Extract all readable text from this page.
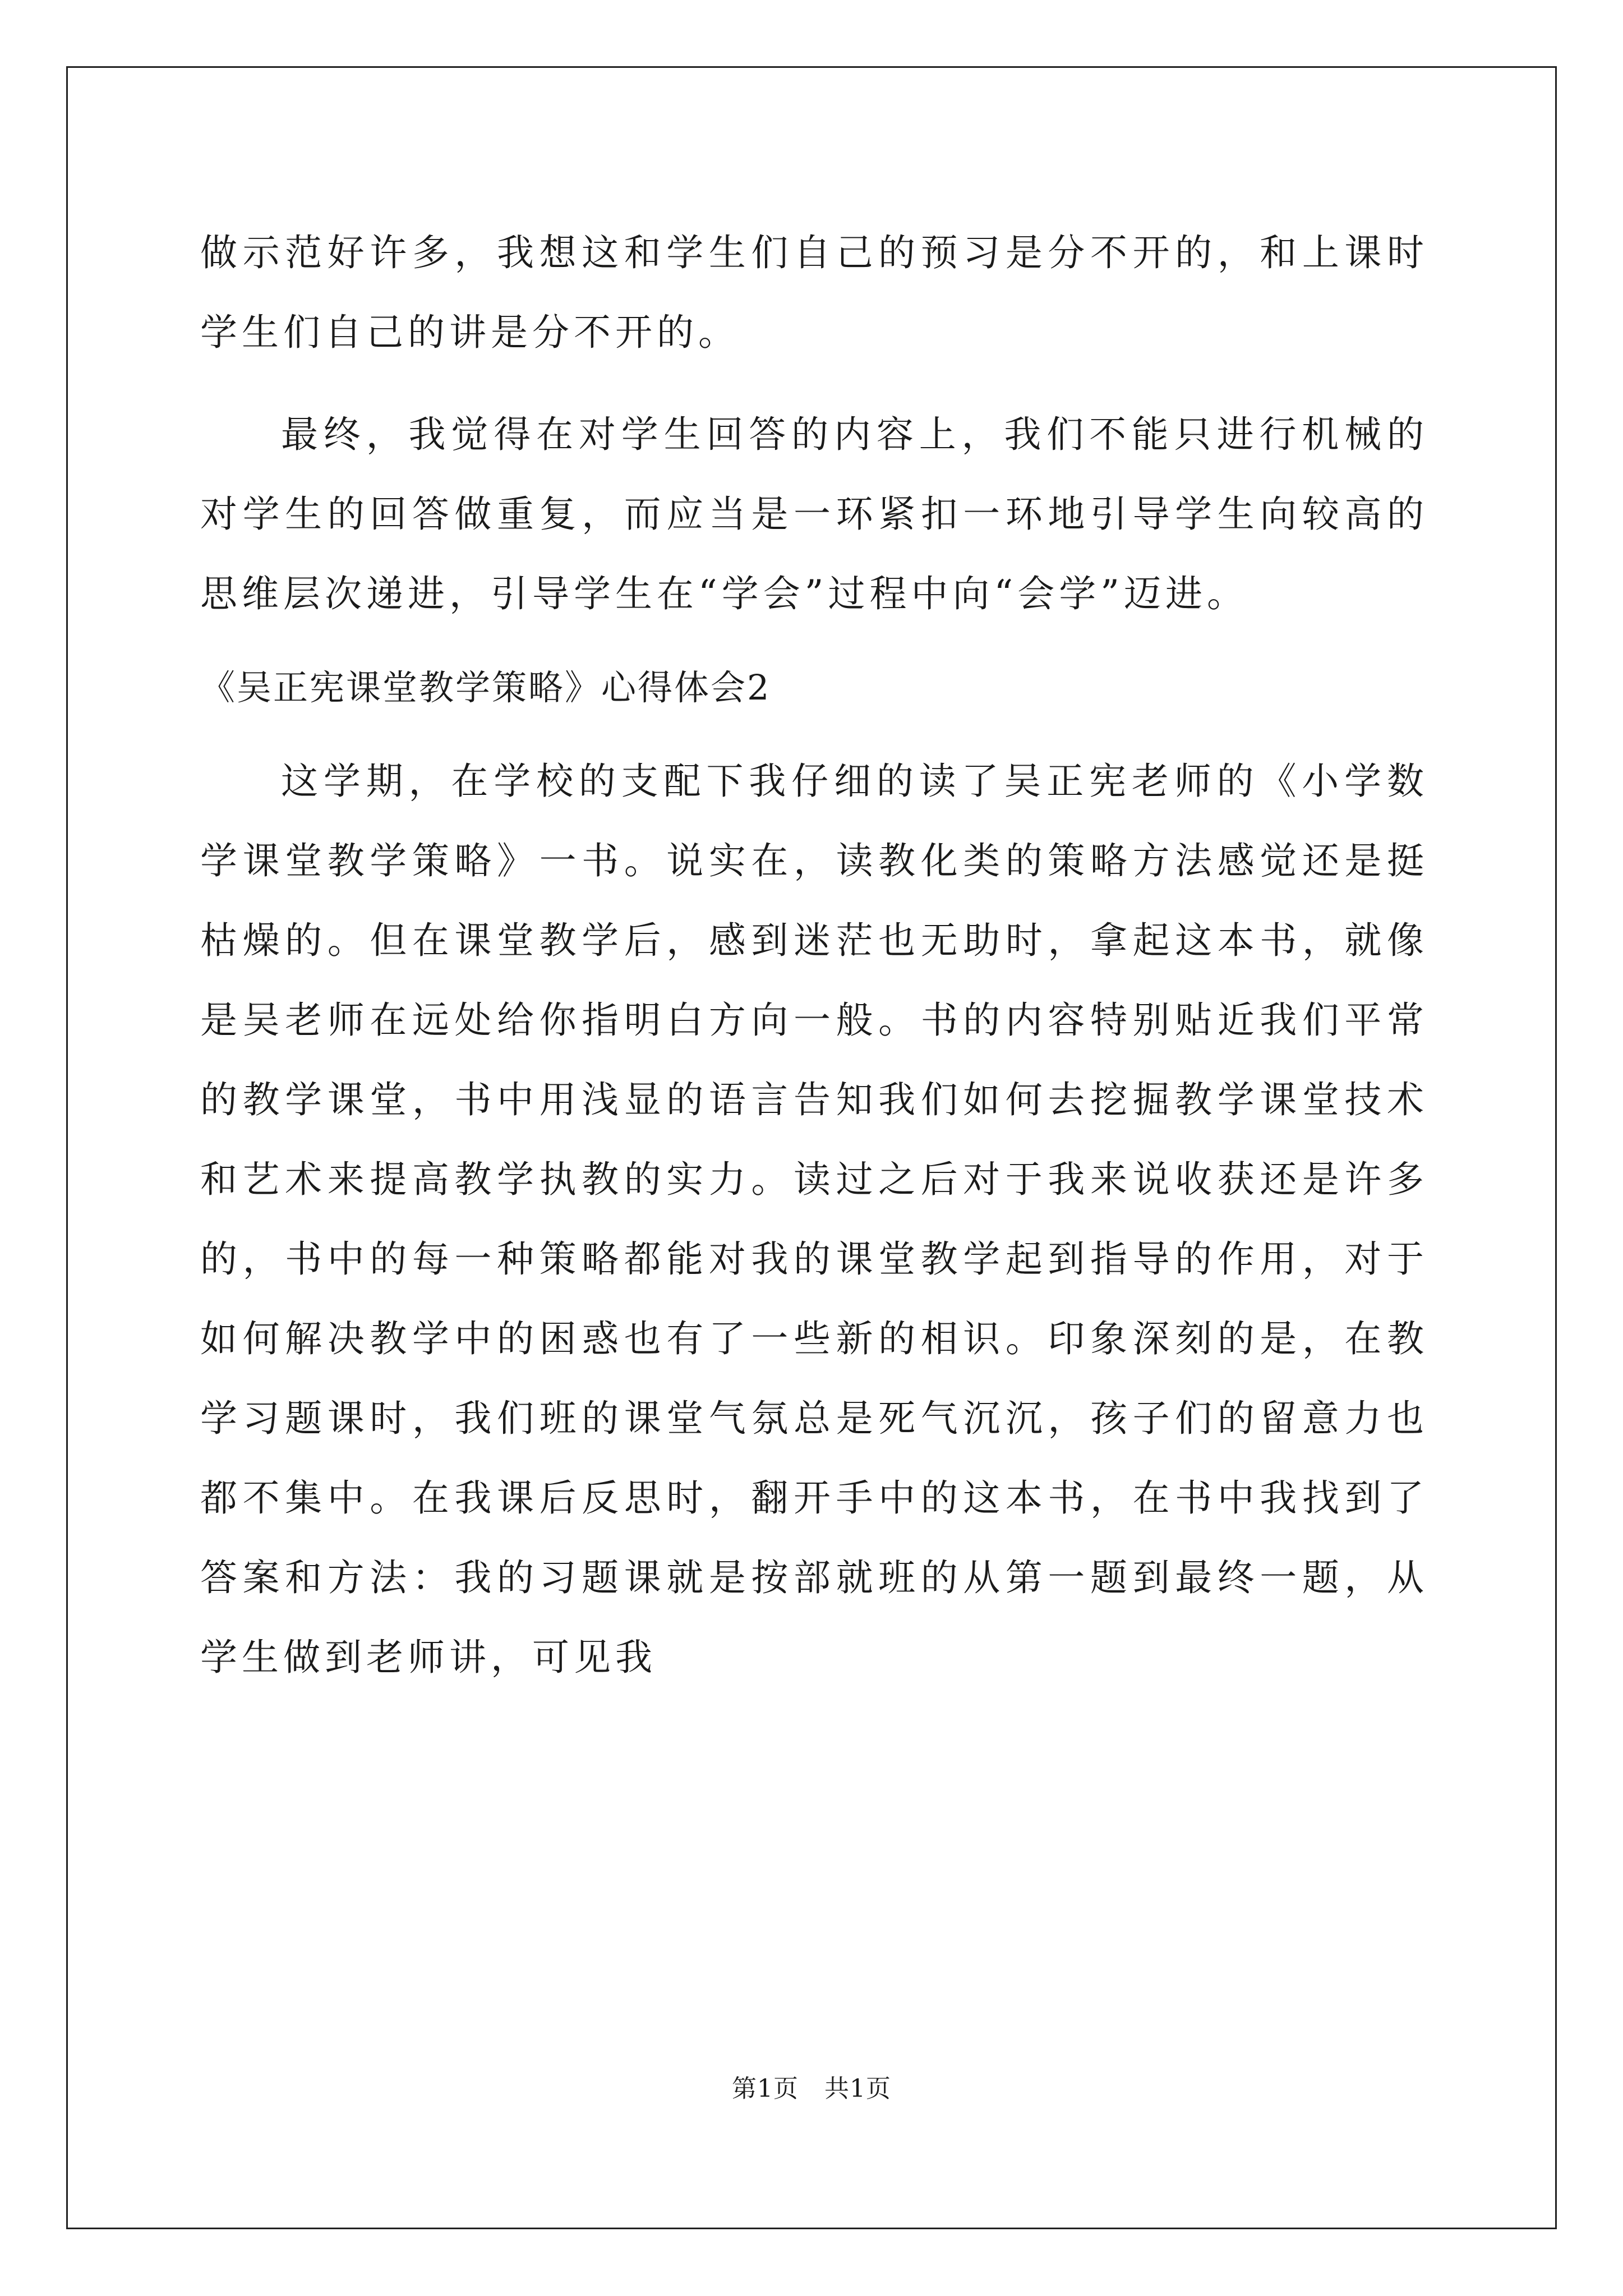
做示范好许多，我想这和学生们自己的预习是分不开的，和上课时学生们自己的讲是分不开的。

最终，我觉得在对学生回答的内容上，我们不能只进行机械的对学生的回答做重复，而应当是一环紧扣一环地引导学生向较高的思维层次递进，引导学生在“学会”过程中向“会学”迈进。

《吴正宪课堂教学策略》心得体会2

这学期，在学校的支配下我仔细的读了吴正宪老师的《小学数学课堂教学策略》一书。说实在，读教化类的策略方法感觉还是挺枯燥的。但在课堂教学后，感到迷茫也无助时，拿起这本书，就像是吴老师在远处给你指明白方向一般。书的内容特别贴近我们平常的教学课堂，书中用浅显的语言告知我们如何去挖掘教学课堂技术和艺术来提高教学执教的实力。读过之后对于我来说收获还是许多的，书中的每一种策略都能对我的课堂教学起到指导的作用，对于如何解决教学中的困惑也有了一些新的相识。印象深刻的是，在教学习题课时，我们班的课堂气氛总是死气沉沉，孩子们的留意力也都不集中。在我课后反思时，翻开手中的这本书，在书中我找到了答案和方法：我的习题课就是按部就班的从第一题到最终一题，从学生做到老师讲，可见我

第1页 共1页
